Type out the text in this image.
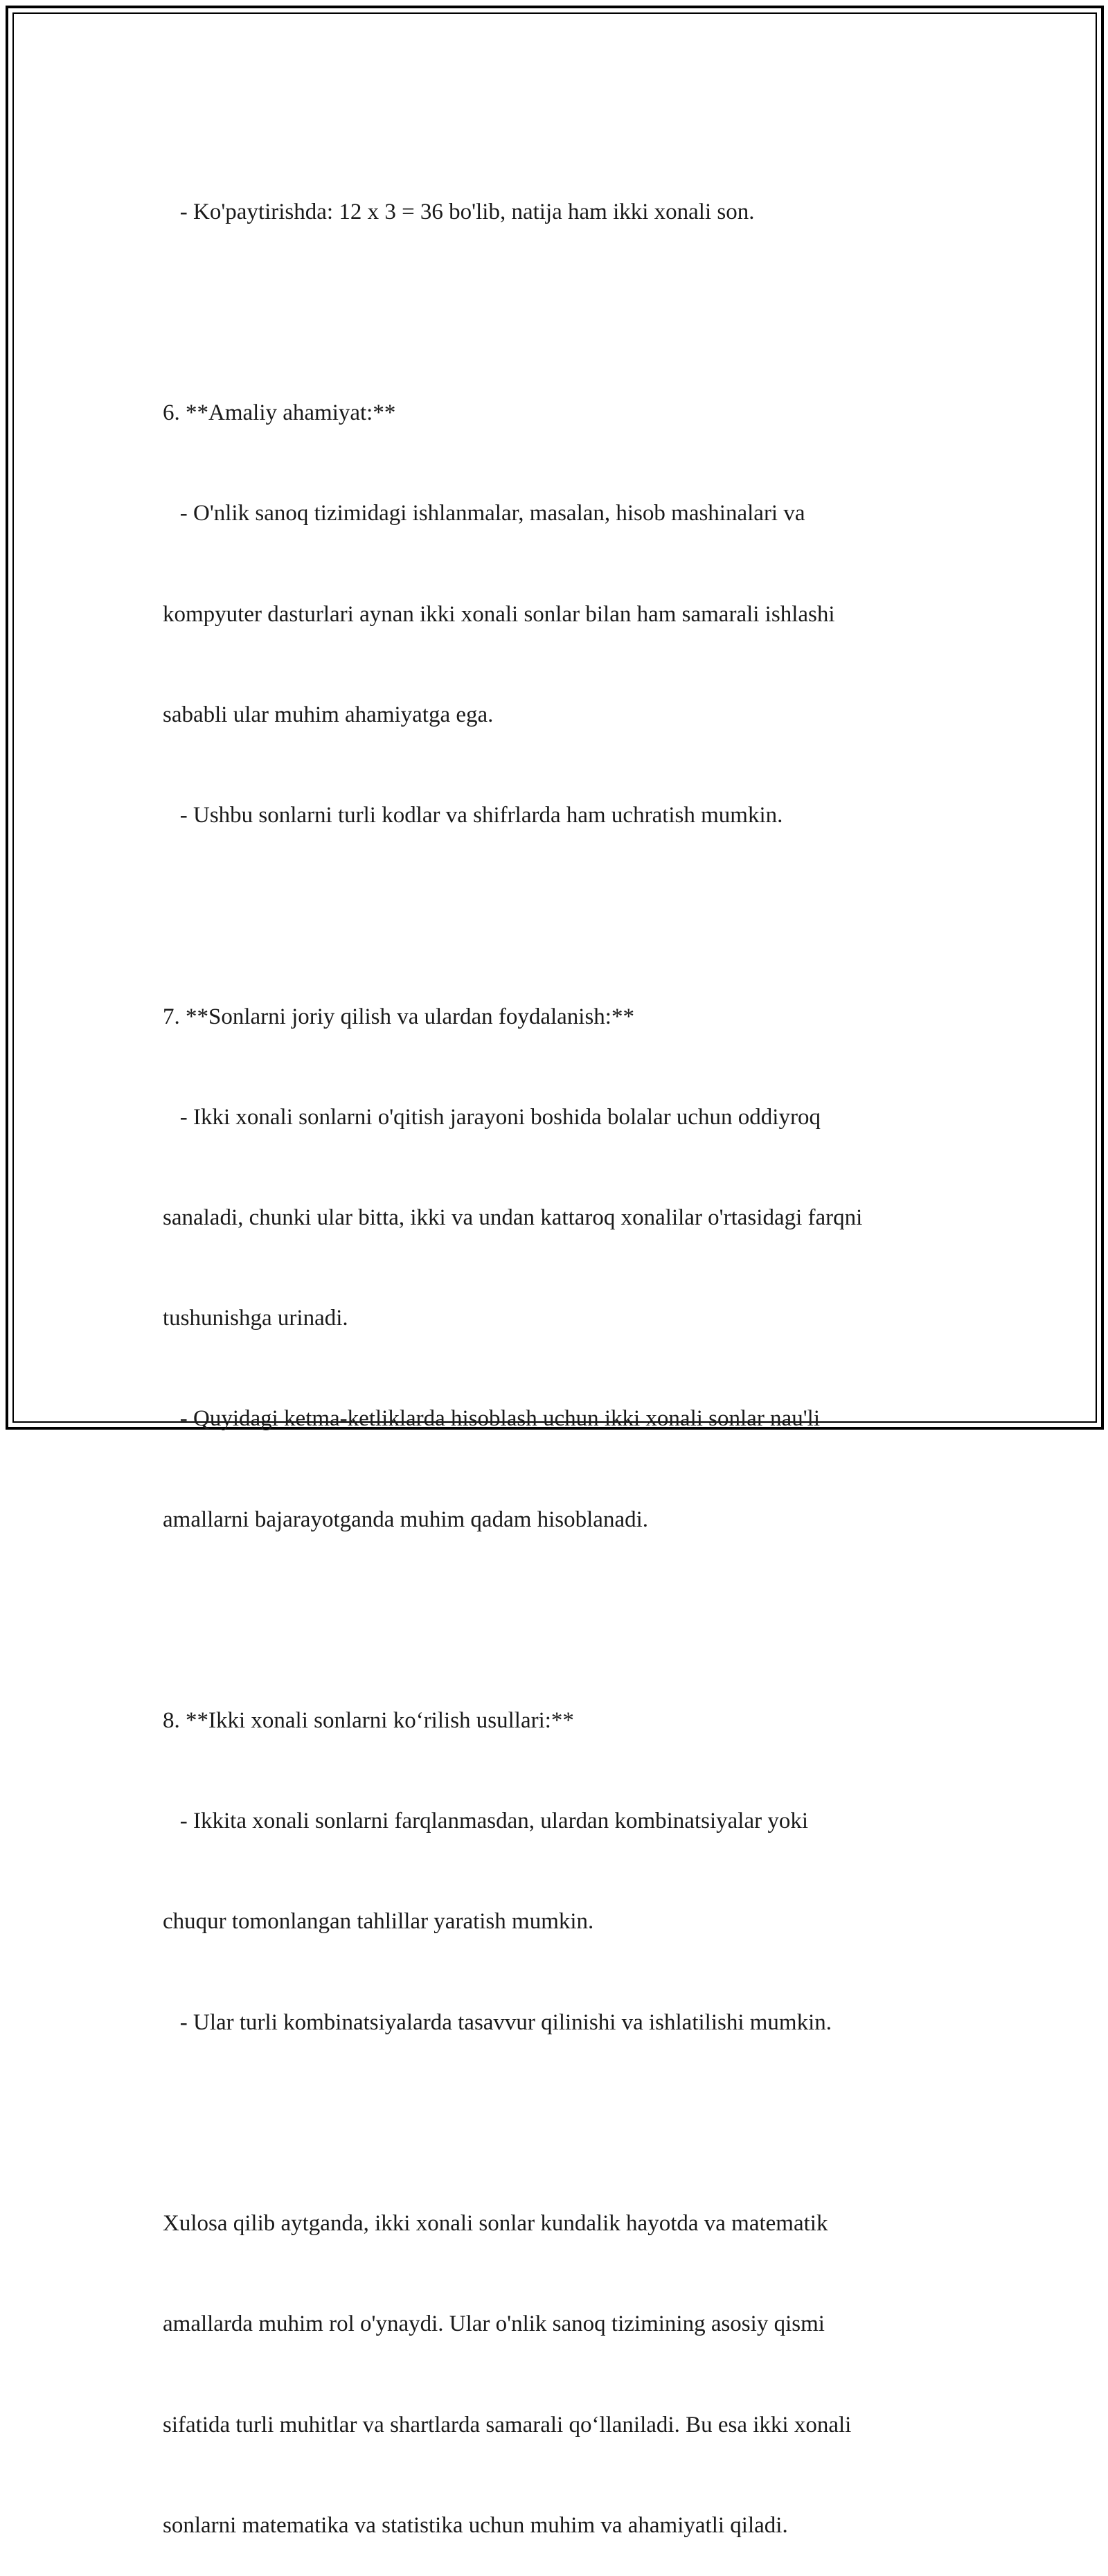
- Ko'paytirishda: 12 x 3 = 36 bo'lib, natija ham ikki xonali son.

6. **Amaliy ahamiyat:**

- O'nlik sanoq tizimidagi ishlanmalar, masalan, hisob mashinalari va

kompyuter dasturlari aynan ikki xonali sonlar bilan ham samarali ishlashi

sababli ular muhim ahamiyatga ega.

- Ushbu sonlarni turli kodlar va shifrlarda ham uchratish mumkin.

7. **Sonlarni joriy qilish va ulardan foydalanish:**

- Ikki xonali sonlarni o'qitish jarayoni boshida bolalar uchun oddiyroq

sanaladi, chunki ular bitta, ikki va undan kattaroq xonalilar o'rtasidagi farqni

tushunishga urinadi.

- Quyidagi ketma-ketliklarda hisoblash uchun ikki xonali sonlar nau'li

amallarni bajarayotganda muhim qadam hisoblanadi.

8. **Ikki xonali sonlarni ko‘rilish usullari:**

- Ikkita xonali sonlarni farqlanmasdan, ulardan kombinatsiyalar yoki

chuqur tomonlangan tahlillar yaratish mumkin.

- Ular turli kombinatsiyalarda tasavvur qilinishi va ishlatilishi mumkin.

Xulosa qilib aytganda, ikki xonali sonlar kundalik hayotda va matematik

amallarda muhim rol o'ynaydi. Ular o'nlik sanoq tizimining asosiy qismi

sifatida turli muhitlar va shartlarda samarali qo‘llaniladi. Bu esa ikki xonali

sonlarni matematika va statistika uchun muhim va ahamiyatli qiladi.
